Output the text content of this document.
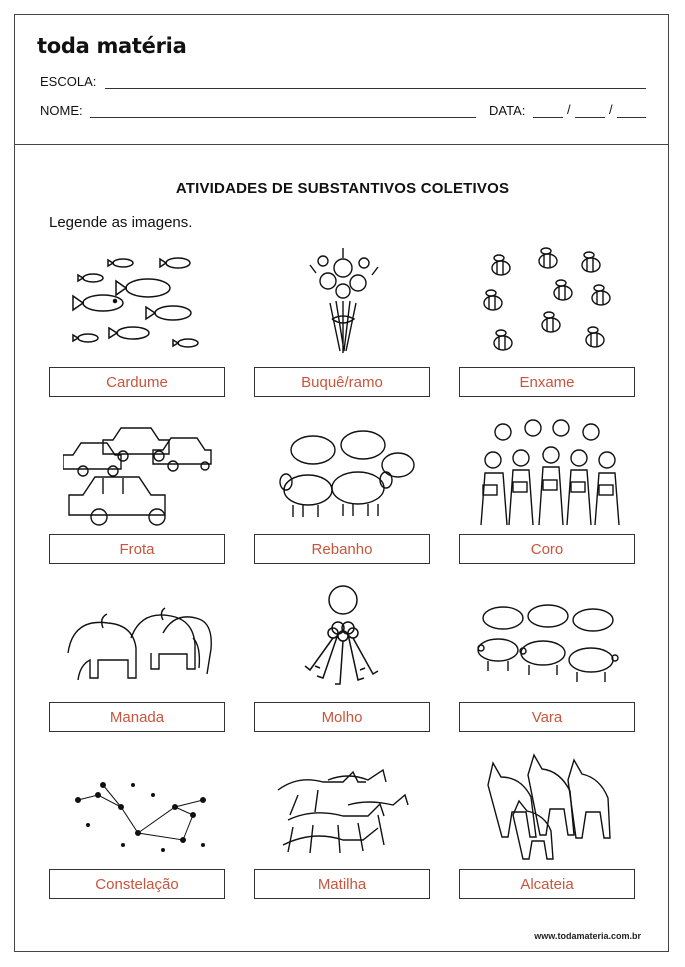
toda matéria
ESCOLA:
NOME:	DATA:	/	/
ATIVIDADES DE SUBSTANTIVOS COLETIVOS
Legende as imagens.
Cardume	Buquê/ramo	Enxame
Frota	Rebanho	Coro
Manada	Molho	Vara
Constelação	Matilha	Alcateia
www.todamateria.com.br
